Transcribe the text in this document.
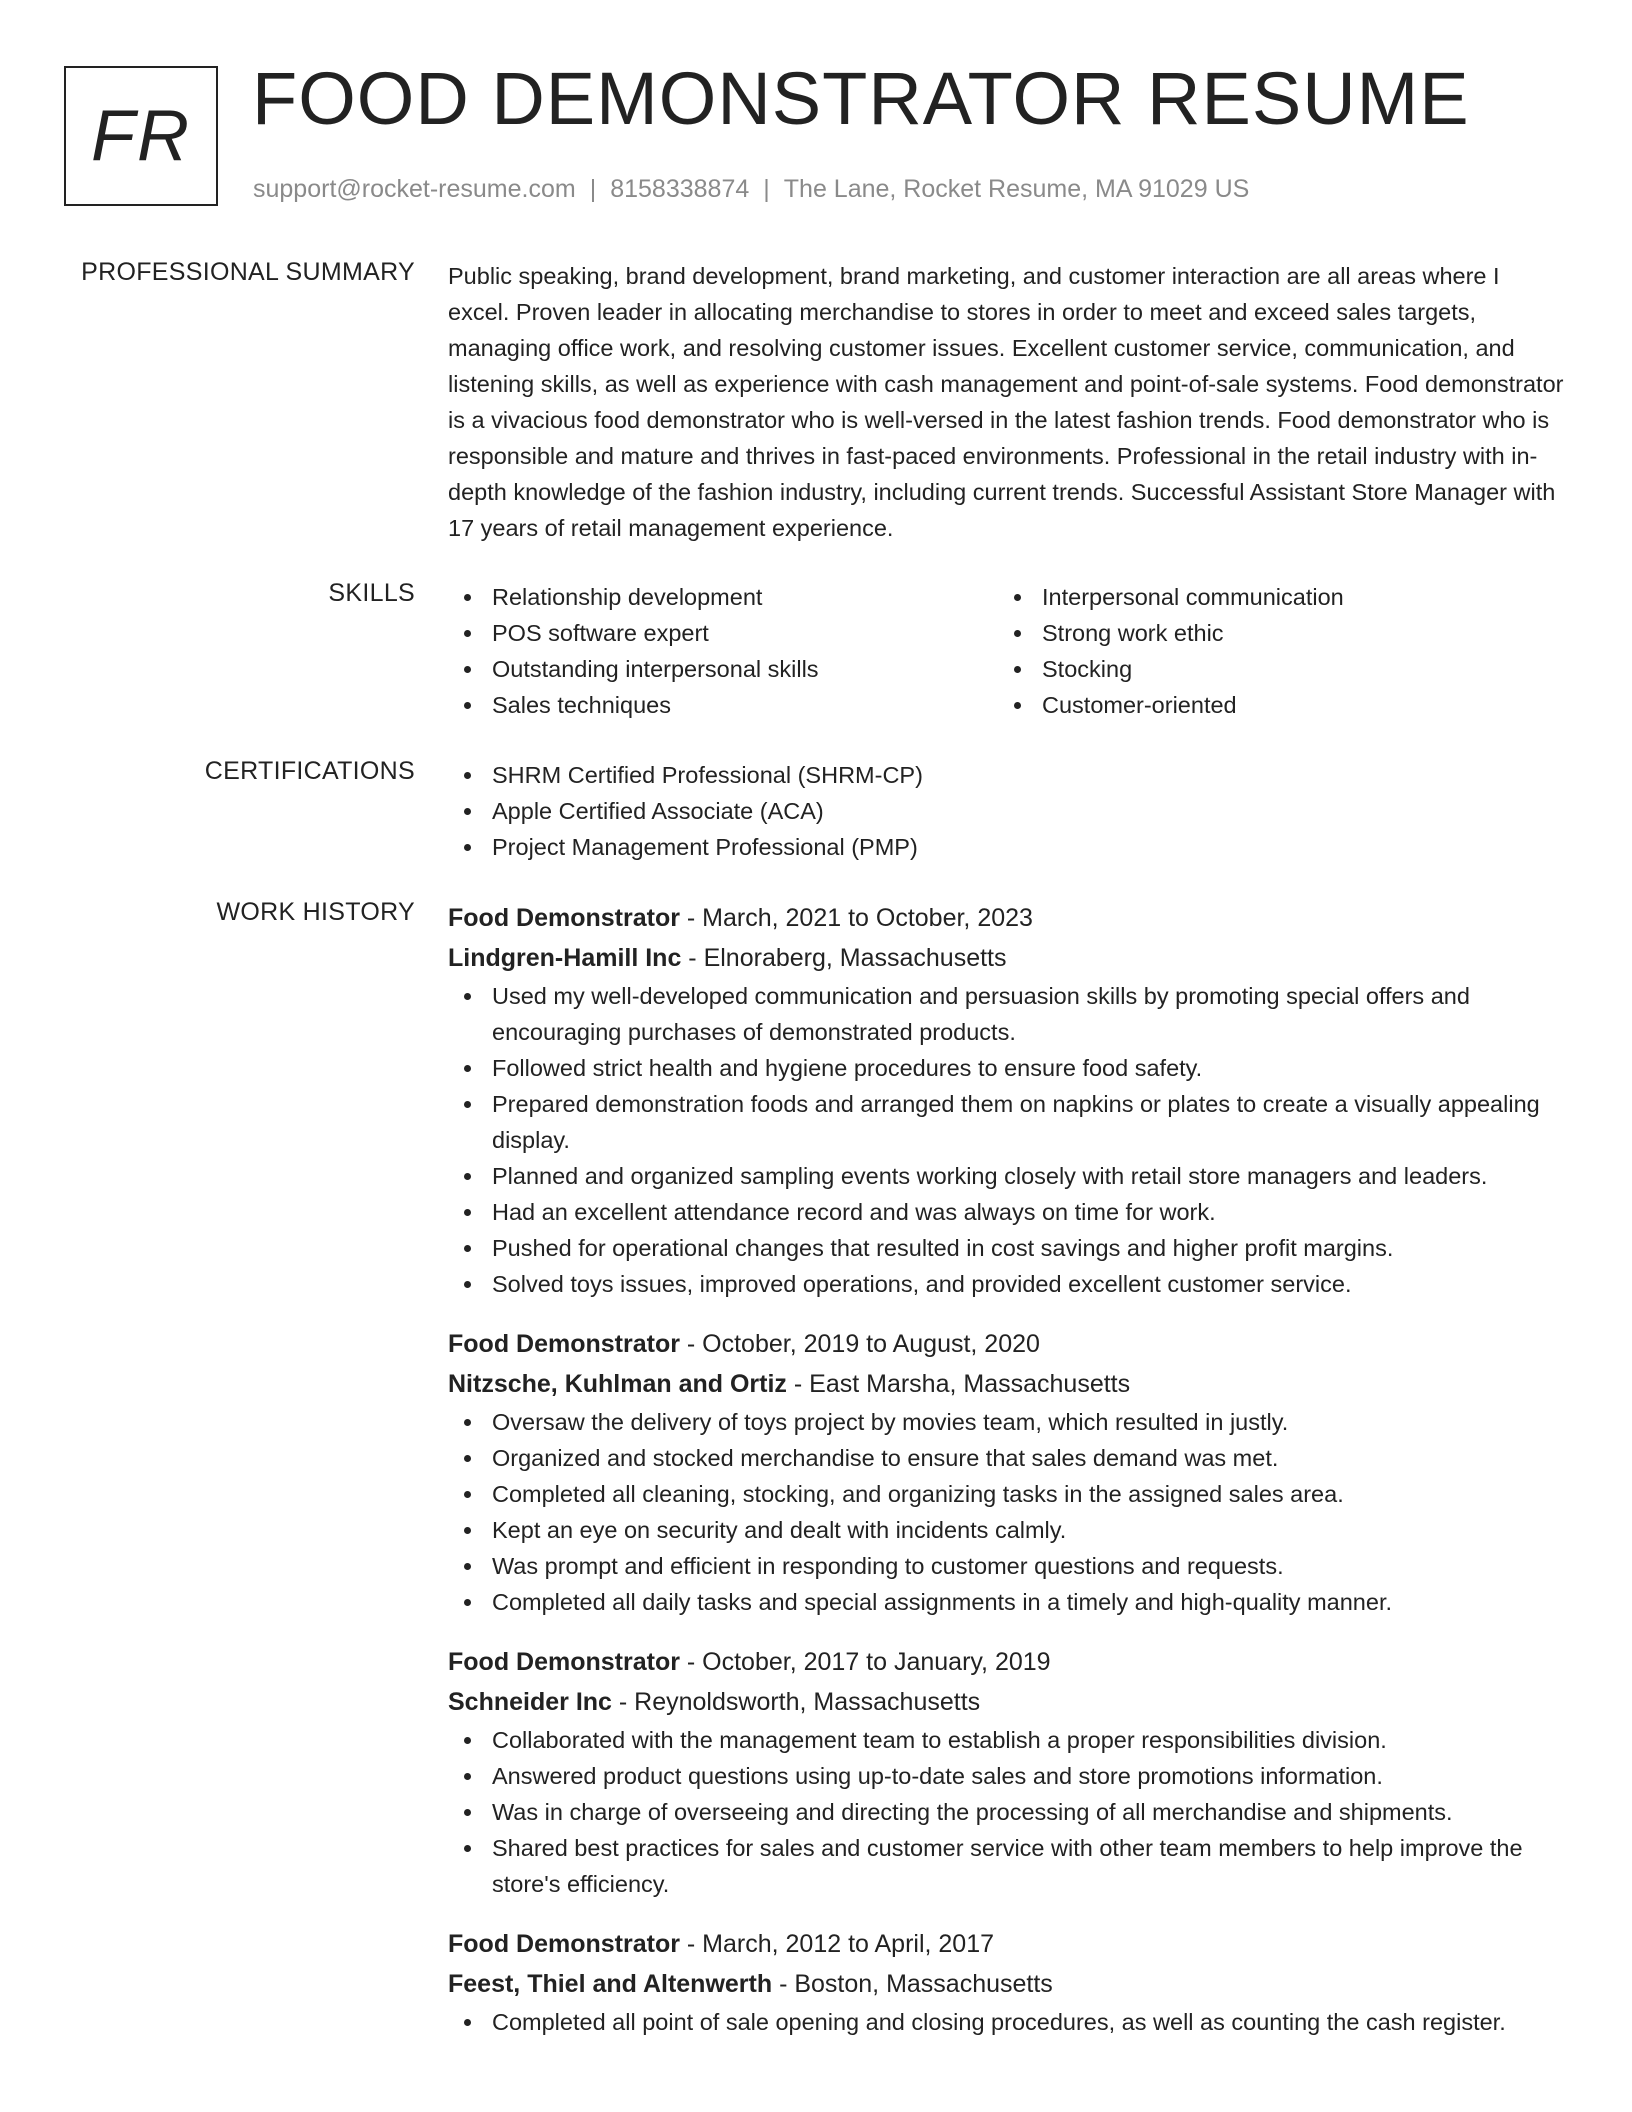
FR FOOD DEMONSTRATOR RESUME
support@rocket-resume.com | 8158338874 | The Lane, Rocket Resume, MA 91029 US
PROFESSIONAL SUMMARY Public speaking, brand development, brand marketing, and customer interaction are all areas where I excel. Proven leader in allocating merchandise to stores in order to meet and exceed sales targets, managing office work, and resolving customer issues. Excellent customer service, communication, and listening skills, as well as experience with cash management and point-of-sale systems. Food demonstrator is a vivacious food demonstrator who is well-versed in the latest fashion trends. Food demonstrator who is responsible and mature and thrives in fast-paced environments. Professional in the retail industry with in-depth knowledge of the fashion industry, including current trends. Successful Assistant Store Manager with 17 years of retail management experience.

SKILLS	Relationship development
POS software expert
Outstanding interpersonal skills
Sales techniques
Interpersonal communication
Strong work ethic
Stocking
Customer-oriented
CERTIFICATIONS	SHRM Certified Professional (SHRM-CP)
Apple Certified Associate (ACA)
Project Management Professional (PMP)
WORK HISTORY Food Demonstrator - March, 2021 to October, 2023
Lindgren-Hamill Inc - Elnoraberg, Massachusetts
Used my well-developed communication and persuasion skills by promoting special offers and encouraging purchases of demonstrated products.
Followed strict health and hygiene procedures to ensure food safety.
Prepared demonstration foods and arranged them on napkins or plates to create a visually appealing display.
Planned and organized sampling events working closely with retail store managers and leaders.
Had an excellent attendance record and was always on time for work.
Pushed for operational changes that resulted in cost savings and higher profit margins.
Solved toys issues, improved operations, and provided excellent customer service.
Food Demonstrator - October, 2019 to August, 2020
Nitzsche, Kuhlman and Ortiz - East Marsha, Massachusetts
Oversaw the delivery of toys project by movies team, which resulted in justly.
Organized and stocked merchandise to ensure that sales demand was met.
Completed all cleaning, stocking, and organizing tasks in the assigned sales area.
Kept an eye on security and dealt with incidents calmly.
Was prompt and efficient in responding to customer questions and requests.
Completed all daily tasks and special assignments in a timely and high-quality manner.
Food Demonstrator - October, 2017 to January, 2019
Schneider Inc - Reynoldsworth, Massachusetts
Collaborated with the management team to establish a proper responsibilities division.
Answered product questions using up-to-date sales and store promotions information.
Was in charge of overseeing and directing the processing of all merchandise and shipments.
Shared best practices for sales and customer service with other team members to help improve the store's efficiency.
Food Demonstrator - March, 2012 to April, 2017
Feest, Thiel and Altenwerth - Boston, Massachusetts
Completed all point of sale opening and closing procedures, as well as counting the cash register.
